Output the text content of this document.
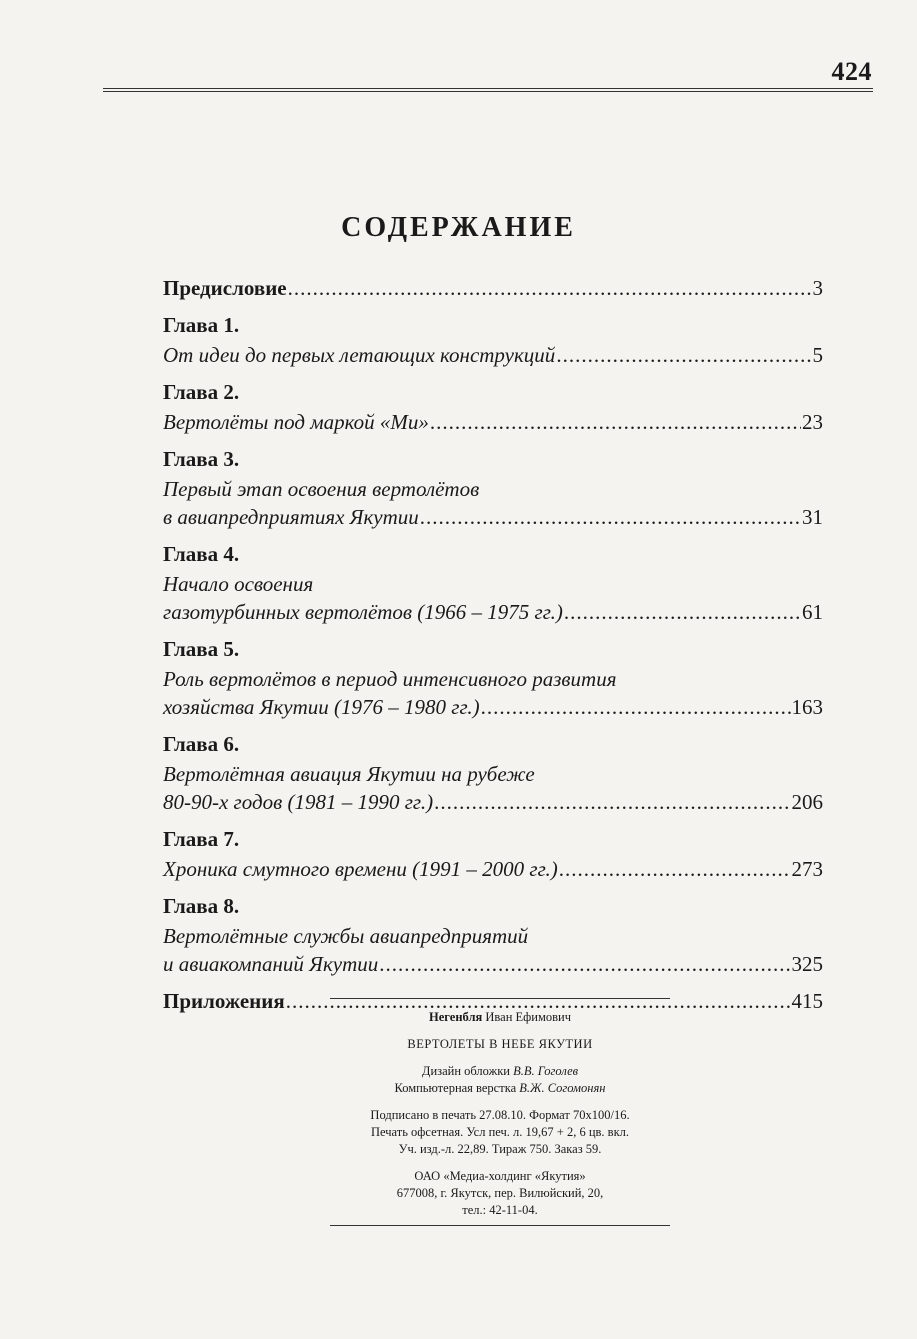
424
СОДЕРЖАНИЕ
Предисловие .....	3
Глава 1.
От идеи до первых летающих конструкций .....	5
Глава 2.
Вертолёты под маркой «Ми» .....	23
Глава 3.
Первый этап освоения вертолётов
в авиапредприятиях Якутии .....	31
Глава 4.
Начало освоения
газотурбинных вертолётов (1966 – 1975 гг.) .....	61
Глава 5.
Роль вертолётов в период интенсивного развития
хозяйства Якутии (1976 – 1980 гг.) .....	163
Глава 6.
Вертолётная авиация Якутии на рубеже
80-90-х годов (1981 – 1990 гг.) .....	206
Глава 7.
Хроника смутного времени (1991 – 2000 гг.) .....	273
Глава 8.
Вертолётные службы авиапредприятий
и авиакомпаний Якутии .....	325
Приложения .....	415

Негенбля Иван Ефимович

ВЕРТОЛЕТЫ В НЕБЕ ЯКУТИИ

Дизайн обложки В.В. Гоголев

Компьютерная верстка В.Ж. Согомонян

Подписано в печать 27.08.10. Формат 70х100/16.

Печать офсетная. Усл печ. л. 19,67 + 2, 6 цв. вкл.

Уч. изд.-л. 22,89. Тираж 750. Заказ 59.

ОАО «Медиа-холдинг «Якутия»

677008, г. Якутск, пер. Вилюйский, 20,

тел.: 42-11-04.
